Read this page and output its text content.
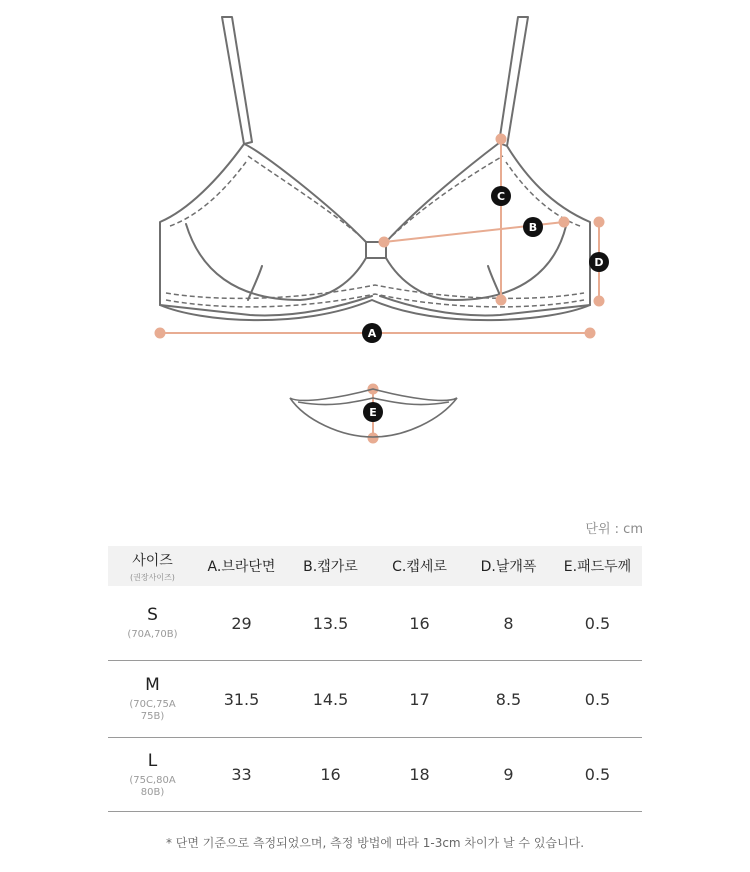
A
B
C
D
E
단위 : cm
사이즈
(권장사이즈)	A.브라단면	B.캡가로	C.캡세로	D.날개폭	E.패드두께

S
(70A,70B)	29	13.5	16	8	0.5

M
(70C,75A
75B)	31.5	14.5	17	8.5	0.5

L
(75C,80A
80B)	33	16	18	9	0.5
* 단면 기준으로 측정되었으며, 측정 방법에 따라 1-3cm 차이가 날 수 있습니다.
